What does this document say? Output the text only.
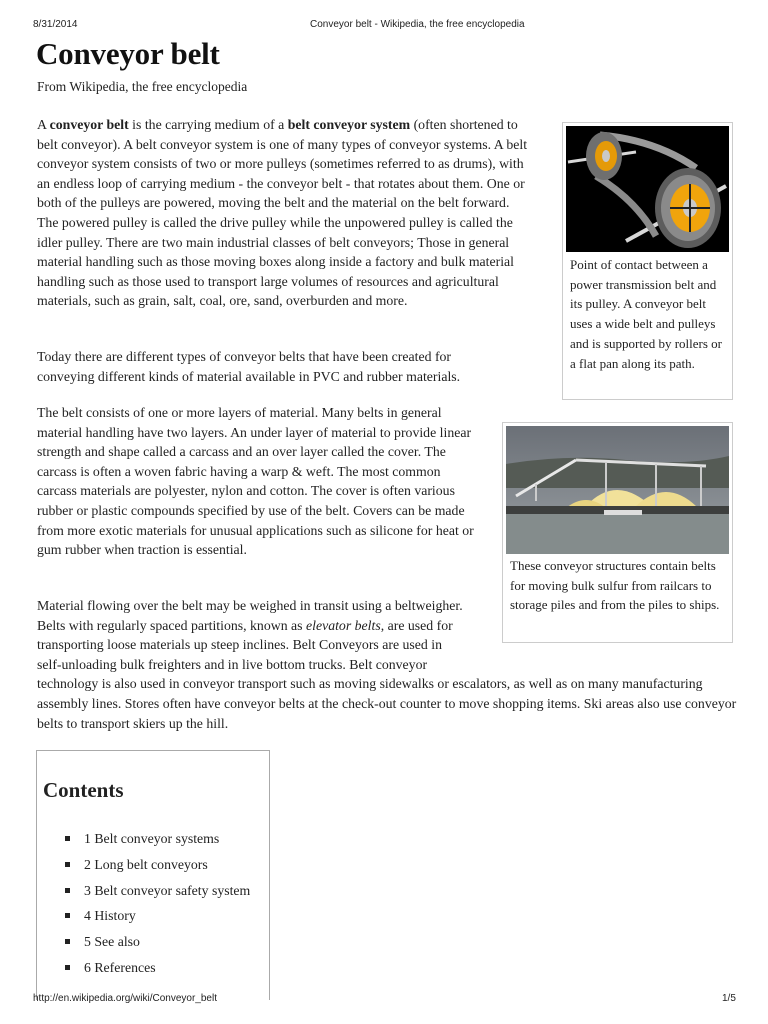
8/31/2014	Conveyor belt - Wikipedia, the free encyclopedia
Conveyor belt
From Wikipedia, the free encyclopedia

A conveyor belt is the carrying medium of a belt conveyor system (often shortened to belt conveyor). A belt conveyor system is one of many types of conveyor systems. A belt conveyor system consists of two or more pulleys (sometimes referred to as drums), with an endless loop of carrying medium - the conveyor belt - that rotates about them. One or both of the pulleys are powered, moving the belt and the material on the belt forward. The powered pulley is called the drive pulley while the unpowered pulley is called the idler pulley. There are two main industrial classes of belt conveyors; Those in general material handling such as those moving boxes along inside a factory and bulk material handling such as those used to transport large volumes of resources and agricultural materials, such as grain, salt, coal, ore, sand, overburden and more.

Today there are different types of conveyor belts that have been created for conveying different kinds of material available in PVC and rubber materials.

The belt consists of one or more layers of material. Many belts in general material handling have two layers. An under layer of material to provide linear strength and shape called a carcass and an over layer called the cover. The carcass is often a woven fabric having a warp & weft. The most common carcass materials are polyester, nylon and cotton. The cover is often various rubber or plastic compounds specified by use of the belt. Covers can be made from more exotic materials for unusual applications such as silicone for heat or gum rubber when traction is essential.

Point of contact between a power transmission belt and its pulley. A conveyor belt uses a wide belt and pulleys and is supported by rollers or a flat pan along its path.
These conveyor structures contain belts for moving bulk sulfur from railcars to storage piles and from the piles to ships.
Material flowing over the belt may be weighed in transit using a beltweigher. Belts with regularly spaced partitions, known as elevator belts, are used for transporting loose materials up steep inclines. Belt Conveyors are used in self-unloading bulk freighters and in live bottom trucks. Belt conveyor technology is also used in conveyor transport such as moving sidewalks or escalators, as well as on many manufacturing assembly lines. Stores often have conveyor belts at the check-out counter to move shopping items. Ski areas also use conveyor belts to transport skiers up the hill.
Contents
1 Belt conveyor systems
2 Long belt conveyors
3 Belt conveyor safety system
4 History
5 See also
6 References
http://en.wikipedia.org/wiki/Conveyor_belt	1/5
